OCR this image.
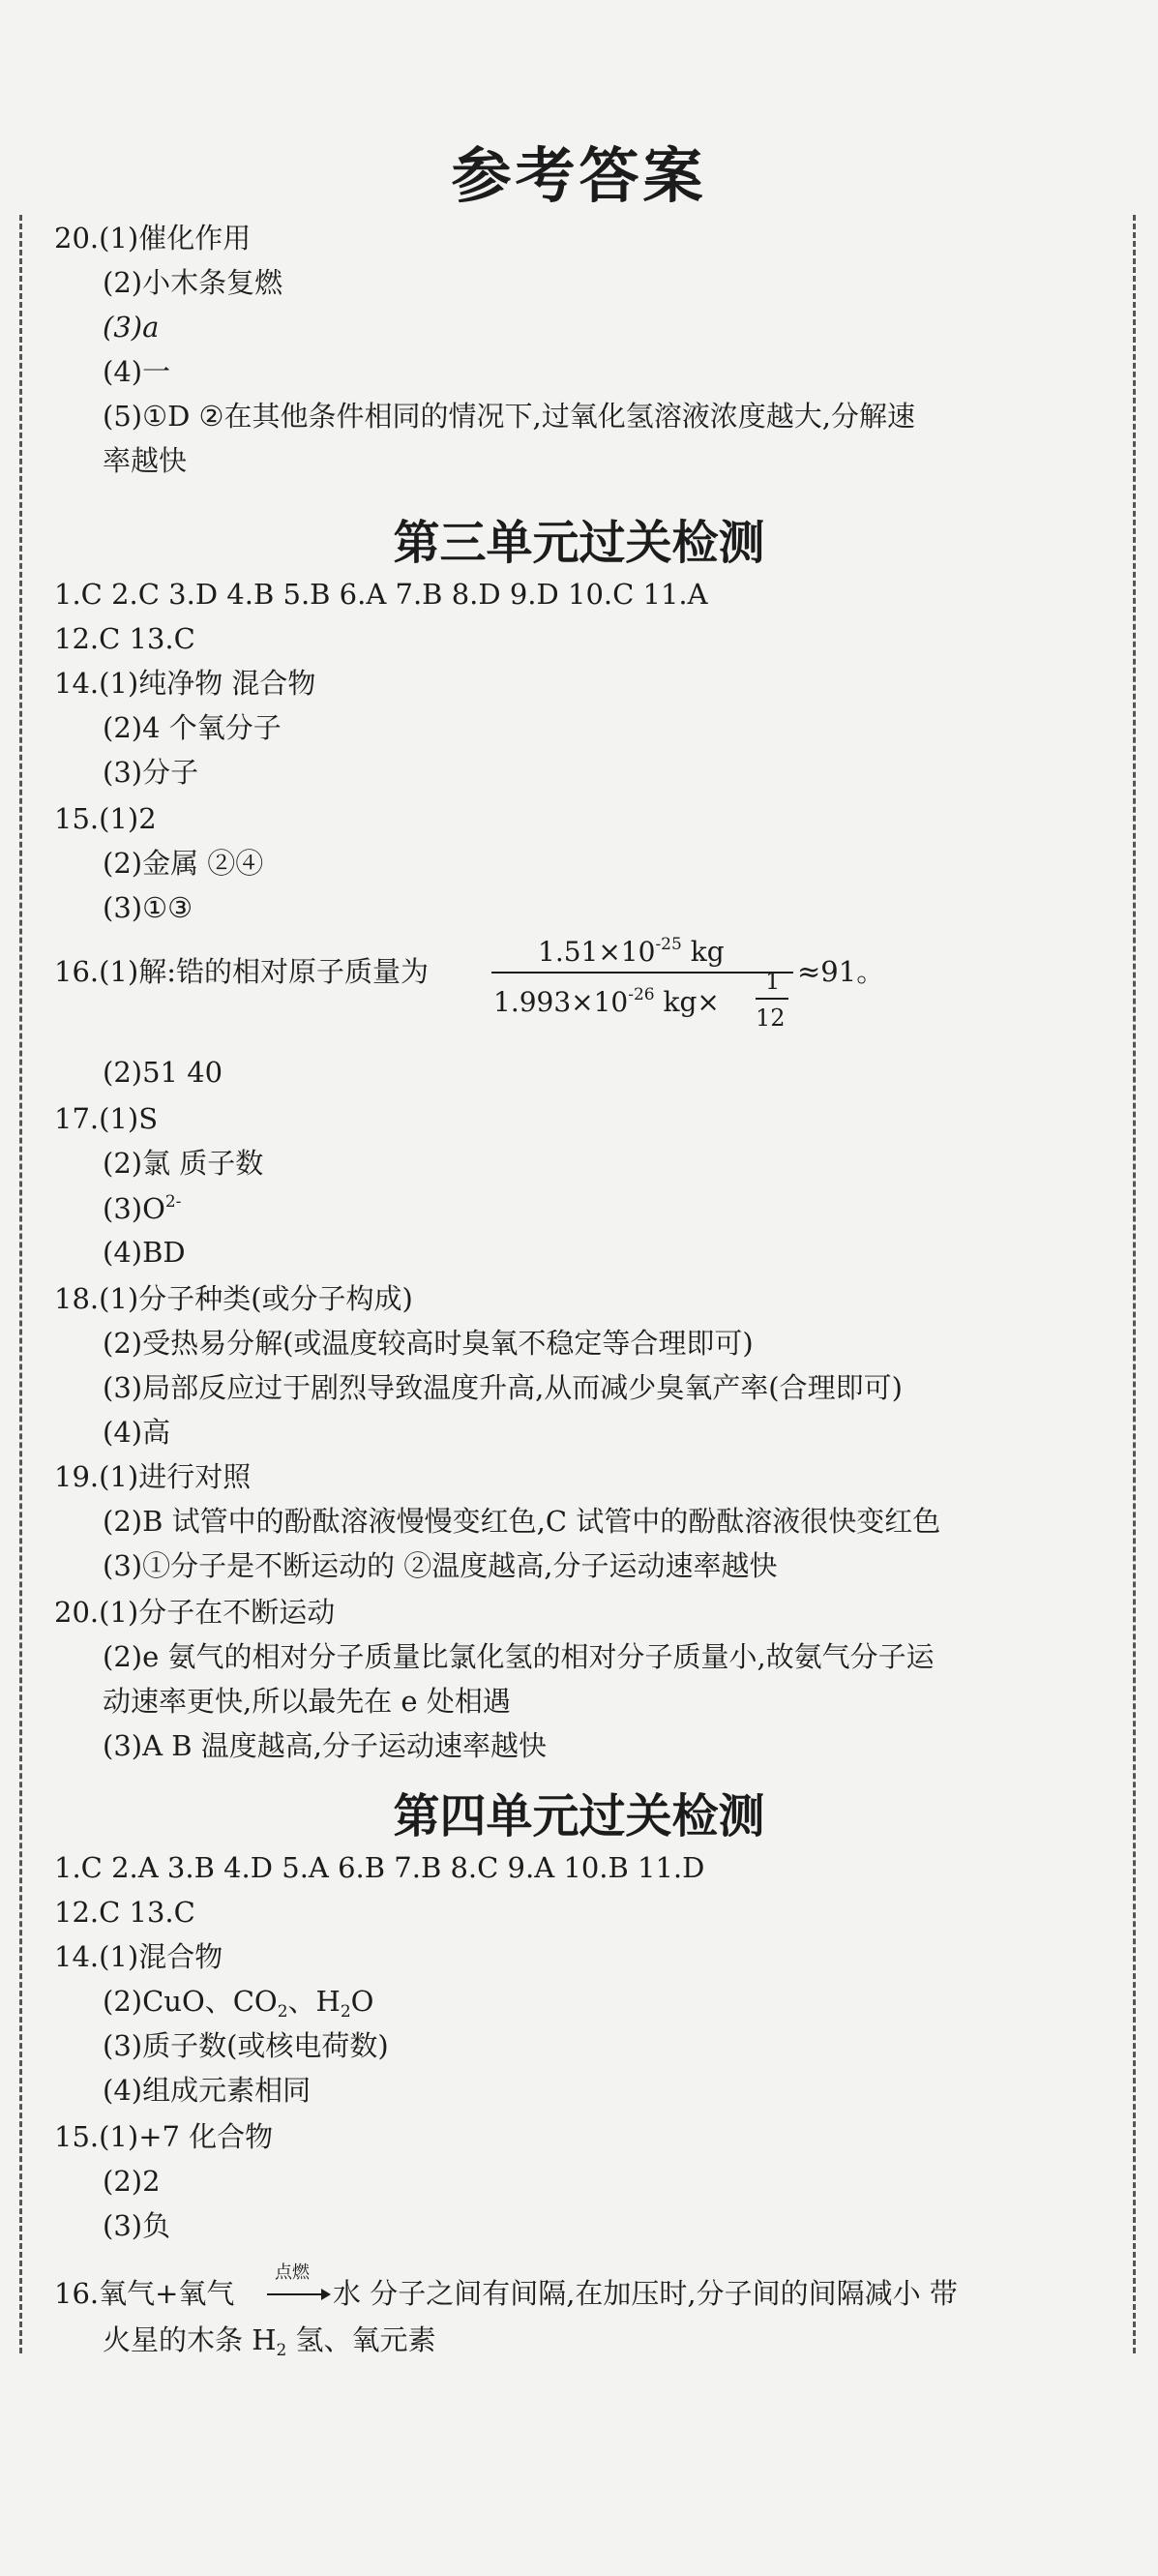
参考答案
20.(1)催化作用
(2)小木条复燃
(3)a
(4)一
(5)①D ②在其他条件相同的情况下,过氧化氢溶液浓度越大,分解速
率越快
第三单元过关检测
1.C 2.C 3.D 4.B 5.B 6.A 7.B 8.D 9.D 10.C 11.A
12.C 13.C
14.(1)纯净物 混合物
(2)4 个氧分子
(3)分子
15.(1)2
(2)金属 ②④
(3)①③
16.(1)解:锆的相对原子质量为
$1.51\times 10^{-25}$ kg
$1.993\times 10^{-26}$ kg×
1
12
≈91。
(2)51 40
17.(1)S
(2)氯 质子数
$(3)O^{2-}$
(4)BD
18.(1)分子种类(或分子构成)
(2)受热易分解(或温度较高时臭氧不稳定等合理即可)
(3)局部反应过于剧烈导致温度升高,从而减少臭氧产率(合理即可)
(4)高
19.(1)进行对照
(2)B 试管中的酚酞溶液慢慢变红色,C 试管中的酚酞溶液很快变红色
(3)①分子是不断运动的 ②温度越高,分子运动速率越快
20.(1)分子在不断运动
(2)e 氨气的相对分子质量比氯化氢的相对分子质量小,故氨气分子运
动速率更快,所以最先在 e 处相遇
(3)A B 温度越高,分子运动速率越快
第四单元过关检测
1.C 2.A 3.B 4.D 5.A 6.B 7.B 8.C 9.A 10.B 11.D
12.C 13.C
14.(1)混合物
(2)CuO、$CO_2$、$H_2O$
(3)质子数(或核电荷数)
(4)组成元素相同
15.(1)+7 化合物
(2)2
(3)负
16.氧气+氧气
点燃
水 分子之间有间隔,在加压时,分子间的间隔减小 带
火星的木条 $H_2$ 氢、氧元素
